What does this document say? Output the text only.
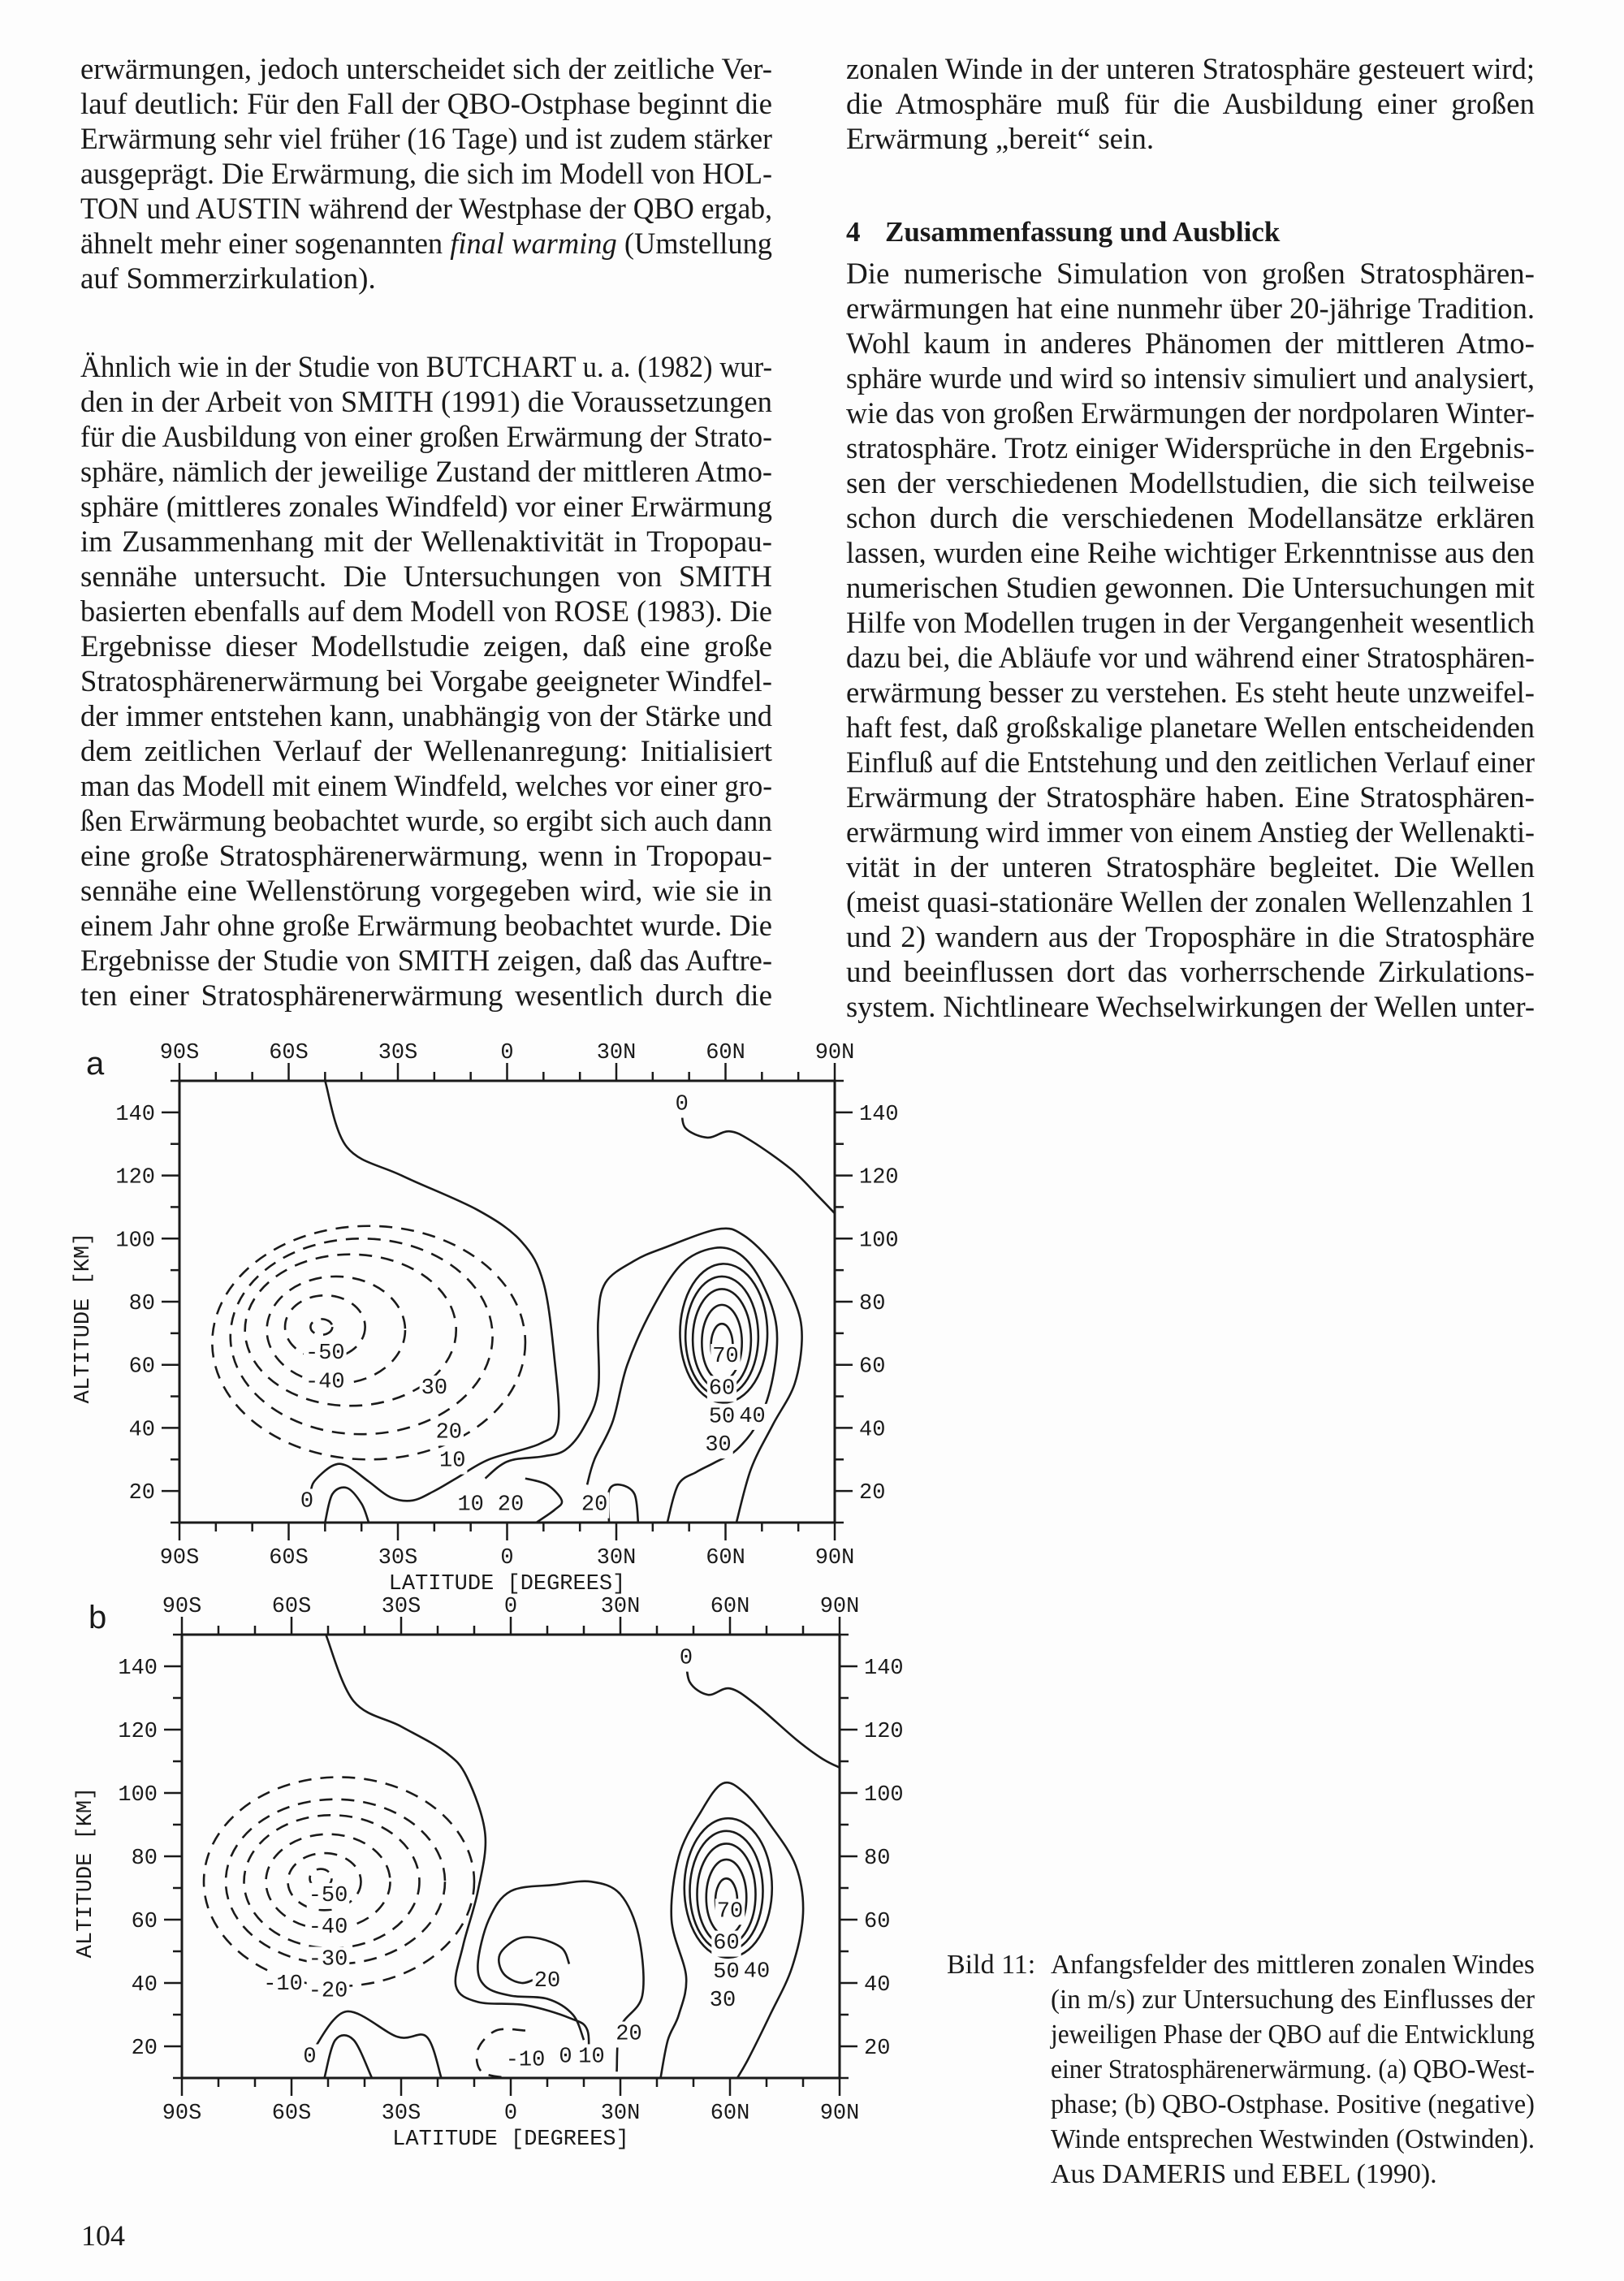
erwärmungen, jedoch unterscheidet sich der zeitliche Ver-
lauf deutlich: Für den Fall der QBO-Ostphase beginnt die
Erwärmung sehr viel früher (16 Tage) und ist zudem stärker
ausgeprägt. Die Erwärmung, die sich im Modell von HOL-
TON und AUSTIN während der Westphase der QBO ergab,
ähnelt mehr einer sogenannten final warming (Umstellung
auf Sommerzirkulation).
Ähnlich wie in der Studie von BUTCHART u. a. (1982) wur-
den in der Arbeit von SMITH (1991) die Voraussetzungen
für die Ausbildung von einer großen Erwärmung der Strato-
sphäre, nämlich der jeweilige Zustand der mittleren Atmo-
sphäre (mittleres zonales Windfeld) vor einer Erwärmung
im Zusammenhang mit der Wellenaktivität in Tropopau-
sennähe untersucht. Die Untersuchungen von SMITH
basierten ebenfalls auf dem Modell von ROSE (1983). Die
Ergebnisse dieser Modellstudie zeigen, daß eine große
Stratosphärenerwärmung bei Vorgabe geeigneter Windfel-
der immer entstehen kann, unabhängig von der Stärke und
dem zeitlichen Verlauf der Wellenanregung: Initialisiert
man das Modell mit einem Windfeld, welches vor einer gro-
ßen Erwärmung beobachtet wurde, so ergibt sich auch dann
eine große Stratosphärenerwärmung, wenn in Tropopau-
sennähe eine Wellenstörung vorgegeben wird, wie sie in
einem Jahr ohne große Erwärmung beobachtet wurde. Die
Ergebnisse der Studie von SMITH zeigen, daß das Auftre-
ten einer Stratosphärenerwärmung wesentlich durch die
zonalen Winde in der unteren Stratosphäre gesteuert wird;
die Atmosphäre muß für die Ausbildung einer großen
Erwärmung „bereit“ sein.
4 Zusammenfassung und Ausblick
Die numerische Simulation von großen Stratosphären-
erwärmungen hat eine nunmehr über 20-jährige Tradition.
Wohl kaum in anderes Phänomen der mittleren Atmo-
sphäre wurde und wird so intensiv simuliert und analysiert,
wie das von großen Erwärmungen der nordpolaren Winter-
stratosphäre. Trotz einiger Widersprüche in den Ergebnis-
sen der verschiedenen Modellstudien, die sich teilweise
schon durch die verschiedenen Modellansätze erklären
lassen, wurden eine Reihe wichtiger Erkenntnisse aus den
numerischen Studien gewonnen. Die Untersuchungen mit
Hilfe von Modellen trugen in der Vergangenheit wesentlich
dazu bei, die Abläufe vor und während einer Stratosphären-
erwärmung besser zu verstehen. Es steht heute unzweifel-
haft fest, daß großskalige planetare Wellen entscheidenden
Einfluß auf die Entstehung und den zeitlichen Verlauf einer
Erwärmung der Stratosphäre haben. Eine Stratosphären-
erwärmung wird immer von einem Anstieg der Wellenakti-
vität in der unteren Stratosphäre begleitet. Die Wellen
(meist quasi-stationäre Wellen der zonalen Wellenzahlen 1
und 2) wandern aus der Troposphäre in die Stratosphäre
und beeinflussen dort das vorherrschende Zirkulations-
system. Nichtlineare Wechselwirkungen der Wellen unter-
a	90S
90S
60S
60S
30S
30S
0
0
30N
30N
60N
60N
90N
90N
20	20
40	40
60	60
80	80
100	100
120	120
140	140
ALTITUDE [KM]
LATITUDE [DEGREES]
0
0
-50
-40	30
20
10
10 20	20
70
60
50 40
30
b	90S
90S
60S
60S
30S
30S
0
0
30N
30N
60N
60N
90N
90N
20	20
40	40
60	60
80	80
100	100
120	120
140	140
ALTITUDE [KM]
LATITUDE [DEGREES]
0
0
-50
-40
-30
-20
-10	20
-10 0 10
20
70
60
50 40
30
Bild 11: Anfangsfelder des mittleren zonalen Windes
(in m/s) zur Untersuchung des Einflusses der
jeweiligen Phase der QBO auf die Entwicklung
einer Stratosphärenerwärmung. (a) QBO-West-
phase; (b) QBO-Ostphase. Positive (negative)
Winde entsprechen Westwinden (Ostwinden).
Aus DAMERIS und EBEL (1990).
104
